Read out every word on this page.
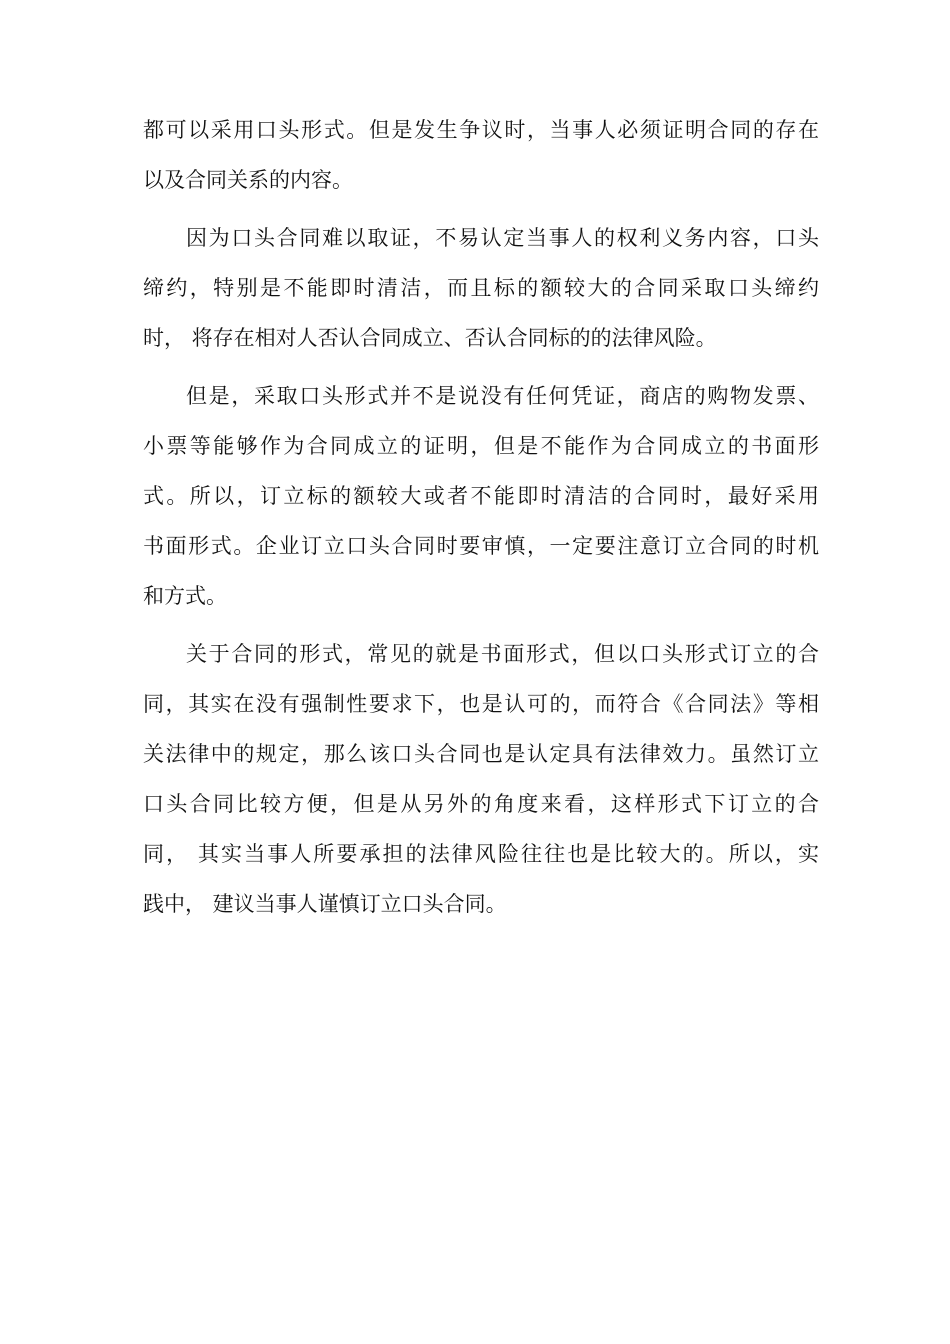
都可以采用口头形式。但是发生争议时，当事人必须证明合同的存在
以及合同关系的内容。
因为口头合同难以取证，不易认定当事人的权利义务内容，口头
缔约，特别是不能即时清洁，而且标的额较大的合同采取口头缔约
时， 将存在相对人否认合同成立、否认合同标的的法律风险。
但是，采取口头形式并不是说没有任何凭证，商店的购物发票、
小票等能够作为合同成立的证明，但是不能作为合同成立的书面形
式。所以，订立标的额较大或者不能即时清洁的合同时，最好采用
书面形式。企业订立口头合同时要审慎，一定要注意订立合同的时机
和方式。
关于合同的形式，常见的就是书面形式，但以口头形式订立的合
同，其实在没有强制性要求下，也是认可的，而符合《合同法》等相
关法律中的规定，那么该口头合同也是认定具有法律效力。虽然订立
口头合同比较方便，但是从另外的角度来看，这样形式下订立的合
同， 其实当事人所要承担的法律风险往往也是比较大的。所以，实
践中， 建议当事人谨慎订立口头合同。
